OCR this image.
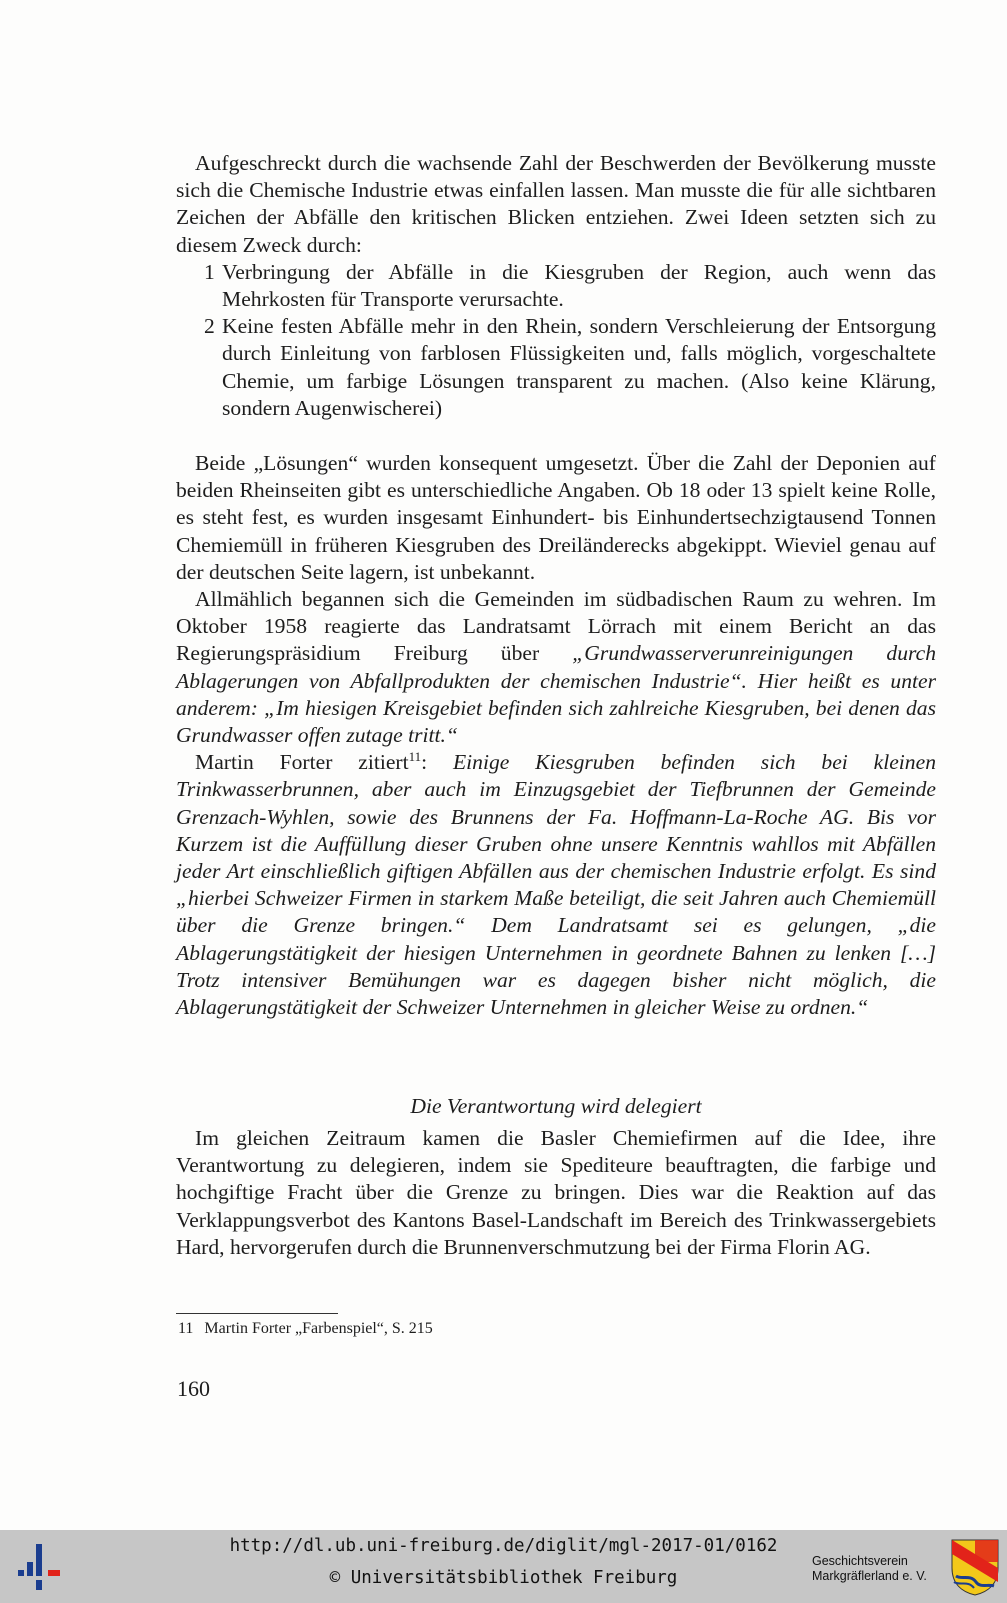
Aufgeschreckt durch die wachsende Zahl der Beschwerden der Bevölkerung musste sich die Chemische Industrie etwas einfallen lassen. Man musste die für alle sichtbaren Zeichen der Abfälle den kritischen Blicken entziehen. Zwei Ideen setzten sich zu diesem Zweck durch:

1 Verbringung der Abfälle in die Kiesgruben der Region, auch wenn das Mehrkosten für Transporte verursachte.
2 Keine festen Abfälle mehr in den Rhein, sondern Verschleierung der Entsorgung durch Einleitung von farblosen Flüssigkeiten und, falls möglich, vorgeschaltete Chemie, um farbige Lösungen transparent zu machen. (Also keine Klärung, sondern Augenwischerei)

Beide „Lösungen“ wurden konsequent umgesetzt. Über die Zahl der Deponien auf beiden Rheinseiten gibt es unterschiedliche Angaben. Ob 18 oder 13 spielt keine Rolle, es steht fest, es wurden insgesamt Einhundert- bis Einhundertsechzigtausend Tonnen Chemiemüll in früheren Kiesgruben des Dreiländerecks abgekippt. Wieviel genau auf der deutschen Seite lagern, ist unbekannt.

Allmählich begannen sich die Gemeinden im südbadischen Raum zu wehren. Im Oktober 1958 reagierte das Landratsamt Lörrach mit einem Bericht an das Regierungspräsidium Freiburg über „Grundwasserverunreinigungen durch Ablagerungen von Abfallprodukten der chemischen Industrie“. Hier heißt es unter anderem: „Im hiesigen Kreisgebiet befinden sich zahlreiche Kiesgruben, bei denen das Grundwasser offen zutage tritt.“

Martin Forter zitiert$^{11}$: Einige Kiesgruben befinden sich bei kleinen Trinkwasserbrunnen, aber auch im Einzugsgebiet der Tiefbrunnen der Gemeinde Grenzach-Wyhlen, sowie des Brunnens der Fa. Hoffmann-La-Roche AG. Bis vor Kurzem ist die Auffüllung dieser Gruben ohne unsere Kenntnis wahllos mit Abfällen jeder Art einschließlich giftigen Abfällen aus der chemischen Industrie erfolgt. Es sind „hierbei Schweizer Firmen in starkem Maße beteiligt, die seit Jahren auch Chemiemüll über die Grenze bringen.“ Dem Landratsamt sei es gelungen, „die Ablagerungstätigkeit der hiesigen Unternehmen in geordnete Bahnen zu lenken […] Trotz intensiver Bemühungen war es dagegen bisher nicht möglich, die Ablagerungstätigkeit der Schweizer Unternehmen in gleicher Weise zu ordnen.“

Die Verantwortung wird delegiert

Im gleichen Zeitraum kamen die Basler Chemiefirmen auf die Idee, ihre Verantwortung zu delegieren, indem sie Spediteure beauftragten, die farbige und hochgiftige Fracht über die Grenze zu bringen. Dies war die Reaktion auf das Verklappungsverbot des Kantons Basel-Landschaft im Bereich des Trinkwassergebiets Hard, hervorgerufen durch die Brunnenverschmutzung bei der Firma Florin AG.

11 Martin Forter „Farbenspiel“, S. 215
160
http://dl.ub.uni-freiburg.de/diglit/mgl-2017-01/0162
© Universitätsbibliothek Freiburg
Geschichtsverein
Markgräflerland e. V.
